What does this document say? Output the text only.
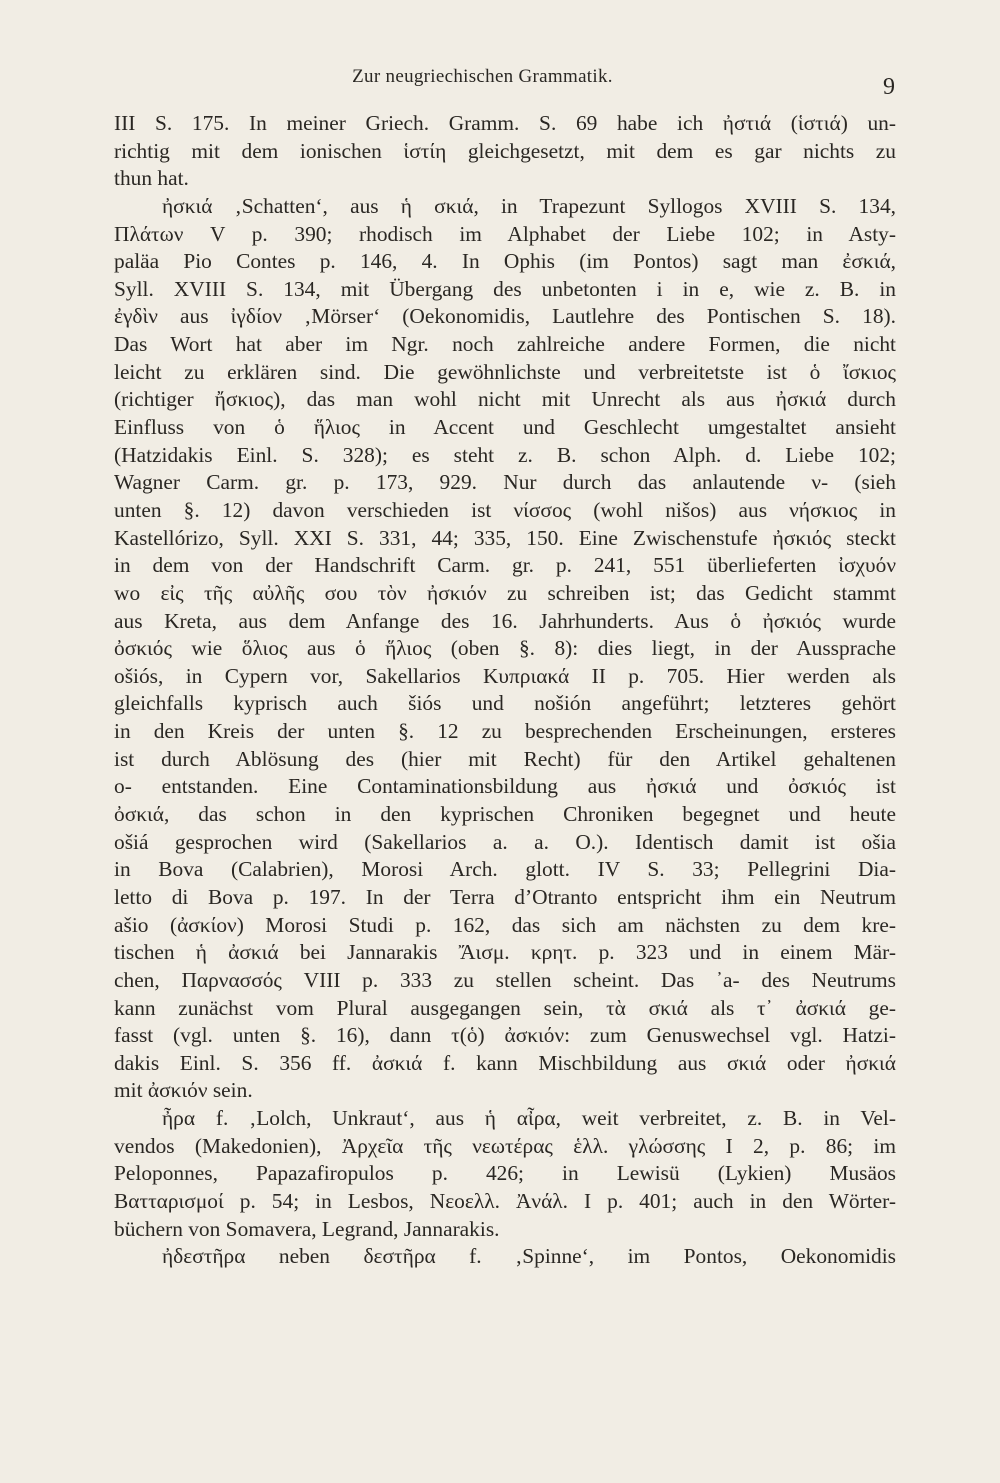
Zur neugriechischen Grammatik.	9
III S. 175. In meiner Griech. Gramm. S. 69 habe ich ἠστιά (ἱστιά) un-
richtig mit dem ionischen ἱστίη gleichgesetzt, mit dem es gar nichts zu
thun hat.
ἠσκιά ‚Schatten‘, aus ἡ σκιά, in Trapezunt Syllogos XVIII S. 134,
Πλάτων V p. 390; rhodisch im Alphabet der Liebe 102; in Asty-
paläa Pio Contes p. 146, 4. In Ophis (im Pontos) sagt man ἐσκιά,
Syll. XVIII S. 134, mit Übergang des unbetonten i in e, wie z. B. in
ἐγδὶν aus ἰγδίον ‚Mörser‘ (Oekonomidis, Lautlehre des Pontischen S. 18).
Das Wort hat aber im Ngr. noch zahlreiche andere Formen, die nicht
leicht zu erklären sind. Die gewöhnlichste und verbreitetste ist ὁ ἴσκιος
(richtiger ἤσκιος), das man wohl nicht mit Unrecht als aus ἠσκιά durch
Einfluss von ὁ ἥλιος in Accent und Geschlecht umgestaltet ansieht
(Hatzidakis Einl. S. 328); es steht z. B. schon Alph. d. Liebe 102;
Wagner Carm. gr. p. 173, 929. Nur durch das anlautende ν- (sieh
unten §. 12) davon verschieden ist νίσσος (wohl nišos) aus νήσκιος in
Kastellórizo, Syll. XXI S. 331, 44; 335, 150. Eine Zwischenstufe ἠσκιός steckt
in dem von der Handschrift Carm. gr. p. 241, 551 überlieferten ἰσχυόν
wo εἰς τῆς αὐλῆς σου τὸν ἠσκιόν zu schreiben ist; das Gedicht stammt
aus Kreta, aus dem Anfange des 16. Jahrhunderts. Aus ὁ ἠσκιός wurde
ὀσκιός wie ὅλιος aus ὁ ἥλιος (oben §. 8): dies liegt, in der Aussprache
ošiós, in Cypern vor, Sakellarios Κυπριακά II p. 705. Hier werden als
gleichfalls kyprisch auch šiós und nošión angeführt; letzteres gehört
in den Kreis der unten §. 12 zu besprechenden Erscheinungen, ersteres
ist durch Ablösung des (hier mit Recht) für den Artikel gehaltenen
o- entstanden. Eine Contaminationsbildung aus ἠσκιά und ὀσκιός ist
ὀσκιά, das schon in den kyprischen Chroniken begegnet und heute
ošiá gesprochen wird (Sakellarios a. a. O.). Identisch damit ist ošia
in Bova (Calabrien), Morosi Arch. glott. IV S. 33; Pellegrini Dia-
letto di Bova p. 197. In der Terra d’Otranto entspricht ihm ein Neutrum
ašio (ἀσκίον) Morosi Studi p. 162, das sich am nächsten zu dem kre-
tischen ἡ ἀσκιά bei Jannarakis Ἄισμ. κρητ. p. 323 und in einem Mär-
chen, Παρνασσός VIII p. 333 zu stellen scheint. Das ᾽a- des Neutrums
kann zunächst vom Plural ausgegangen sein, τὰ σκιά als τ᾽ ἀσκιά ge-
fasst (vgl. unten §. 16), dann τ(ὁ) ἀσκιόν: zum Genuswechsel vgl. Hatzi-
dakis Einl. S. 356 ff. ἀσκιά f. kann Mischbildung aus σκιά oder ἠσκιά
mit ἀσκιόν sein.
ἦρα f. ‚Lolch, Unkraut‘, aus ἡ αἶρα, weit verbreitet, z. B. in Vel-
vendos (Makedonien), Ἀρχεῖα τῆς νεωτέρας ἑλλ. γλώσσης I 2, p. 86; im
Peloponnes, Papazafiropulos p. 426; in Lewisü (Lykien) Musäos
Βατταρισμοί p. 54; in Lesbos, Νεοελλ. Ἀνάλ. I p. 401; auch in den Wörter-
büchern von Somavera, Legrand, Jannarakis.
ἠδεστῆρα neben δεστῆρα f. ‚Spinne‘, im Pontos, Oekonomidis
